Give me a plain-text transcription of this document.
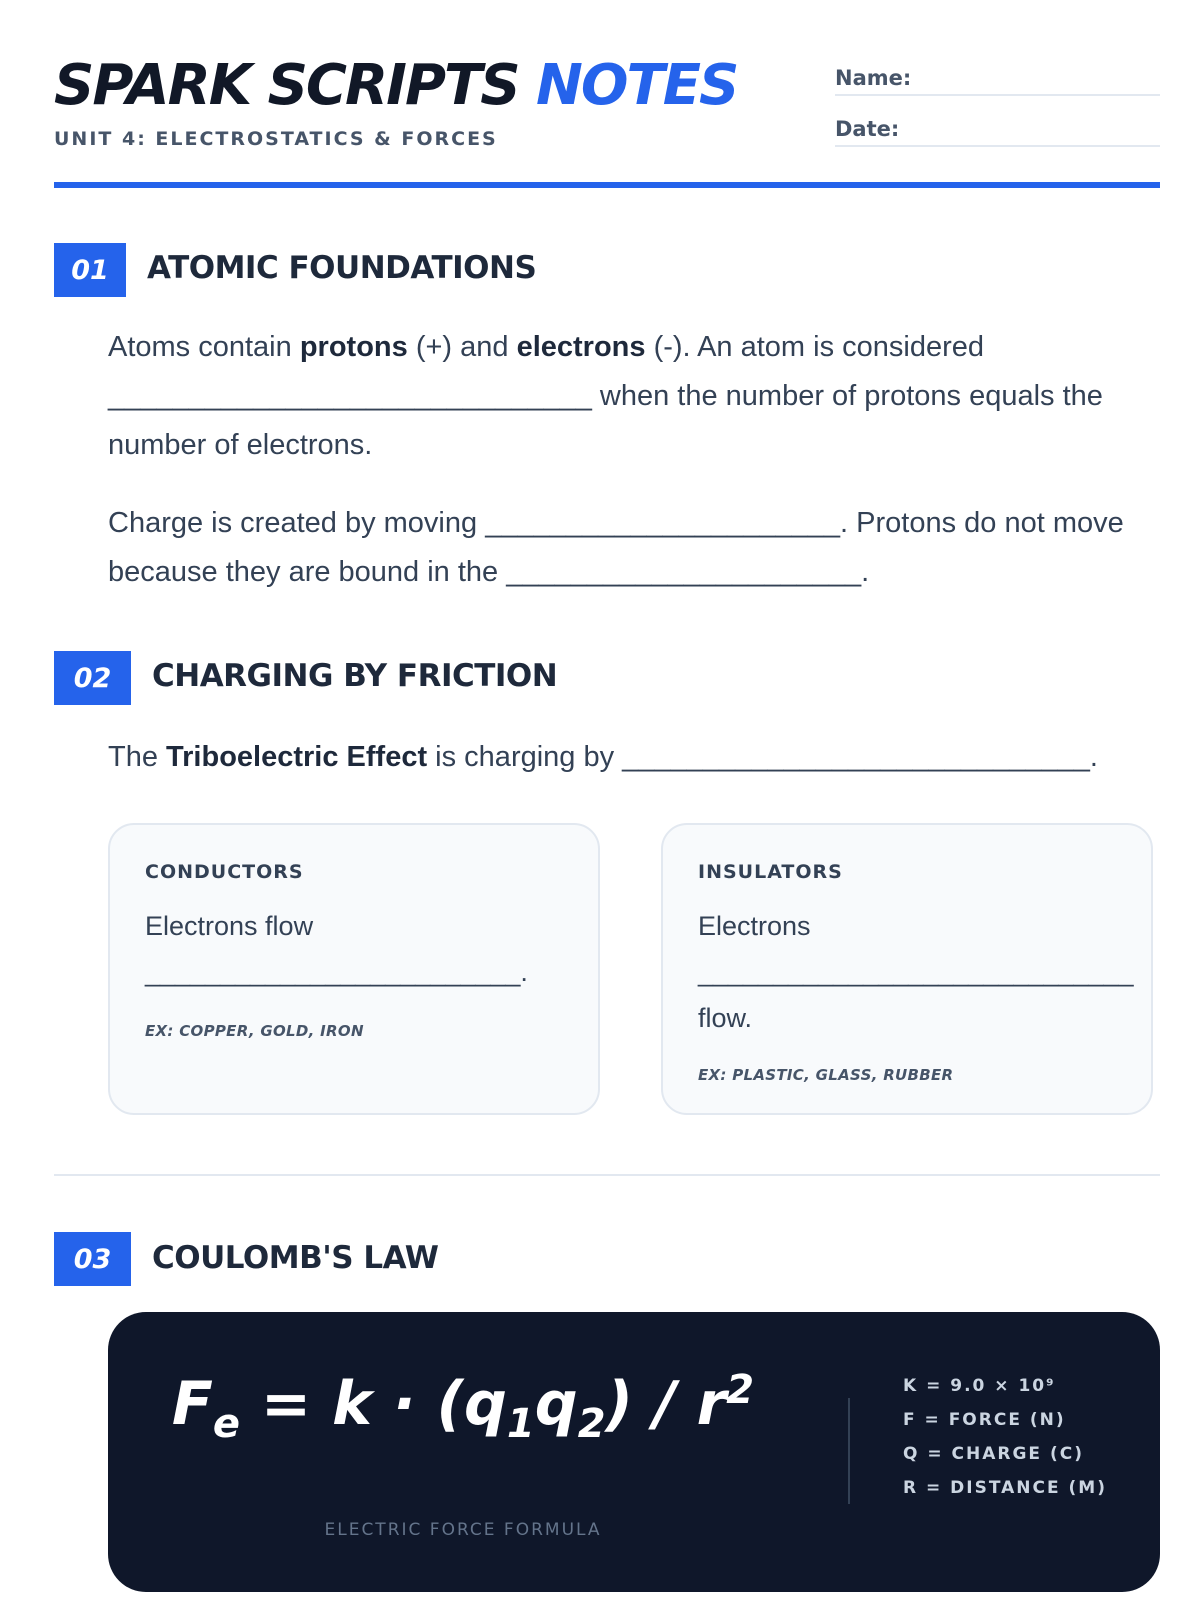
SPARK SCRIPTS NOTES
UNIT 4: ELECTROSTATICS & FORCES
Name:
Date:
01	ATOMIC FOUNDATIONS

Atoms contain protons (+) and electrons (-). An atom is considered
______________________________ when the number of protons equals the number of electrons.

Charge is created by moving ______________________. Protons do not move because they are bound in the ______________________.

02	CHARGING BY FRICTION

The Triboelectric Effect is charging by _____________________________.

CONDUCTORS

Electrons flow
_________________________.

EX: COPPER, GOLD, IRON
INSULATORS

Electrons
_____________________________
flow.

EX: PLASTIC, GLASS, RUBBER
03	COULOMB'S LAW
$F_e = k \cdot (q_1q_2) / r^2$
ELECTRIC FORCE FORMULA
K = 9.0 × 10⁹
F = FORCE (N)
Q = CHARGE (C)
R = DISTANCE (M)
